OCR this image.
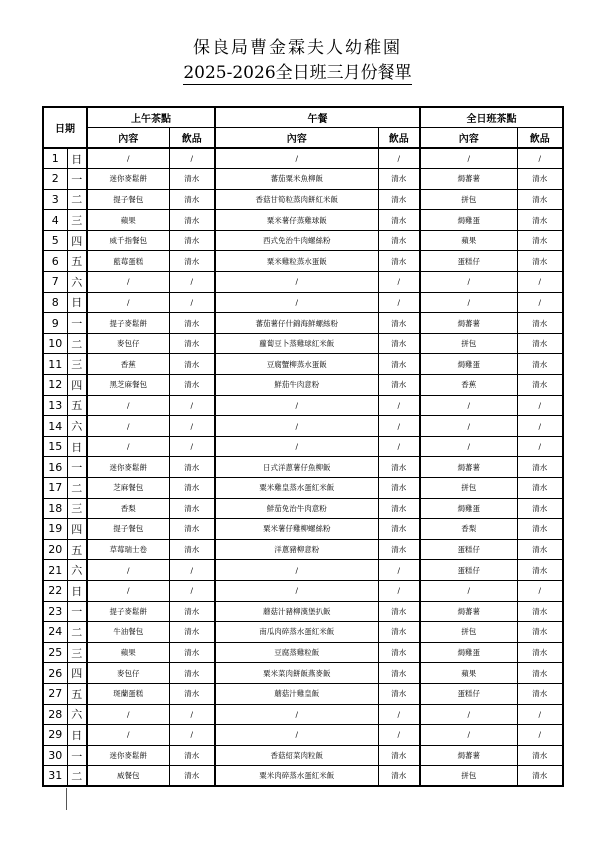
保良局曹金霖夫人幼稚園
2025-2026全日班三月份餐單
日期		上午茶點		午餐		全日班茶點	
		內容	飲品	內容	飲品	內容	飲品
1	日	/	/	/	/	/	/
2	一	迷你麥鬆餅	清水	蕃茄粟米魚柳飯	清水	焗蕃薯	清水
3	二	提子餐包	清水	香菇甘筍粒蒸肉餅紅米飯	清水	拼包	清水
4	三	蘋果	清水	粟米薯仔蒸雞球飯	清水	焗雞蛋	清水
5	四	威千指餐包	清水	西式免治牛肉螺絲粉	清水	蘋果	清水
6	五	藍莓蛋糕	清水	粟米雞粒蒸水蛋飯	清水	蛋糕仔	清水
7	六	/	/	/	/	/	/
8	日	/	/	/	/	/	/
9	一	提子麥鬆餅	清水	蕃茄薯仔什錦海鮮螺絲粉	清水	焗蕃薯	清水
10	二	麥包仔	清水	蘿蔔豆卜蒸雞球紅米飯	清水	拼包	清水
11	三	香蕉	清水	豆腐蟹柳蒸水蛋飯	清水	焗雞蛋	清水
12	四	黑芝麻餐包	清水	鮮茄牛肉意粉	清水	香蕉	清水
13	五	/	/	/	/	/	/
14	六	/	/	/	/	/	/
15	日	/	/	/	/	/	/
16	一	迷你麥鬆餅	清水	日式洋蔥薯仔魚柳飯	清水	焗蕃薯	清水
17	二	芝麻餐包	清水	粟米雞皇蒸水蛋紅米飯	清水	拼包	清水
18	三	香梨	清水	鮮茄免治牛肉意粉	清水	焗雞蛋	清水
19	四	提子餐包	清水	粟米薯仔雞柳螺絲粉	清水	香梨	清水
20	五	草莓瑞士卷	清水	洋蔥豬柳意粉	清水	蛋糕仔	清水
21	六	/	/	/	/	蛋糕仔	清水
22	日	/	/	/	/	/	/
23	一	提子麥鬆餅	清水	蘑菇汁豬柳漢堡扒飯	清水	焗蕃薯	清水
24	二	牛油餐包	清水	南瓜肉碎蒸水蛋紅米飯	清水	拼包	清水
25	三	蘋果	清水	豆腐蒸雞粒飯	清水	焗雞蛋	清水
26	四	麥包仔	清水	粟米菜肉餅飯燕麥飯	清水	蘋果	清水
27	五	斑蘭蛋糕	清水	蘑菇汁雞皇飯	清水	蛋糕仔	清水
28	六	/	/	/	/	/	/
29	日	/	/	/	/	/	/
30	一	迷你麥鬆餅	清水	香菇紹菜肉粒飯	清水	焗蕃薯	清水
31	二	威餐包	清水	粟米肉碎蒸水蛋紅米飯	清水	拼包	清水
